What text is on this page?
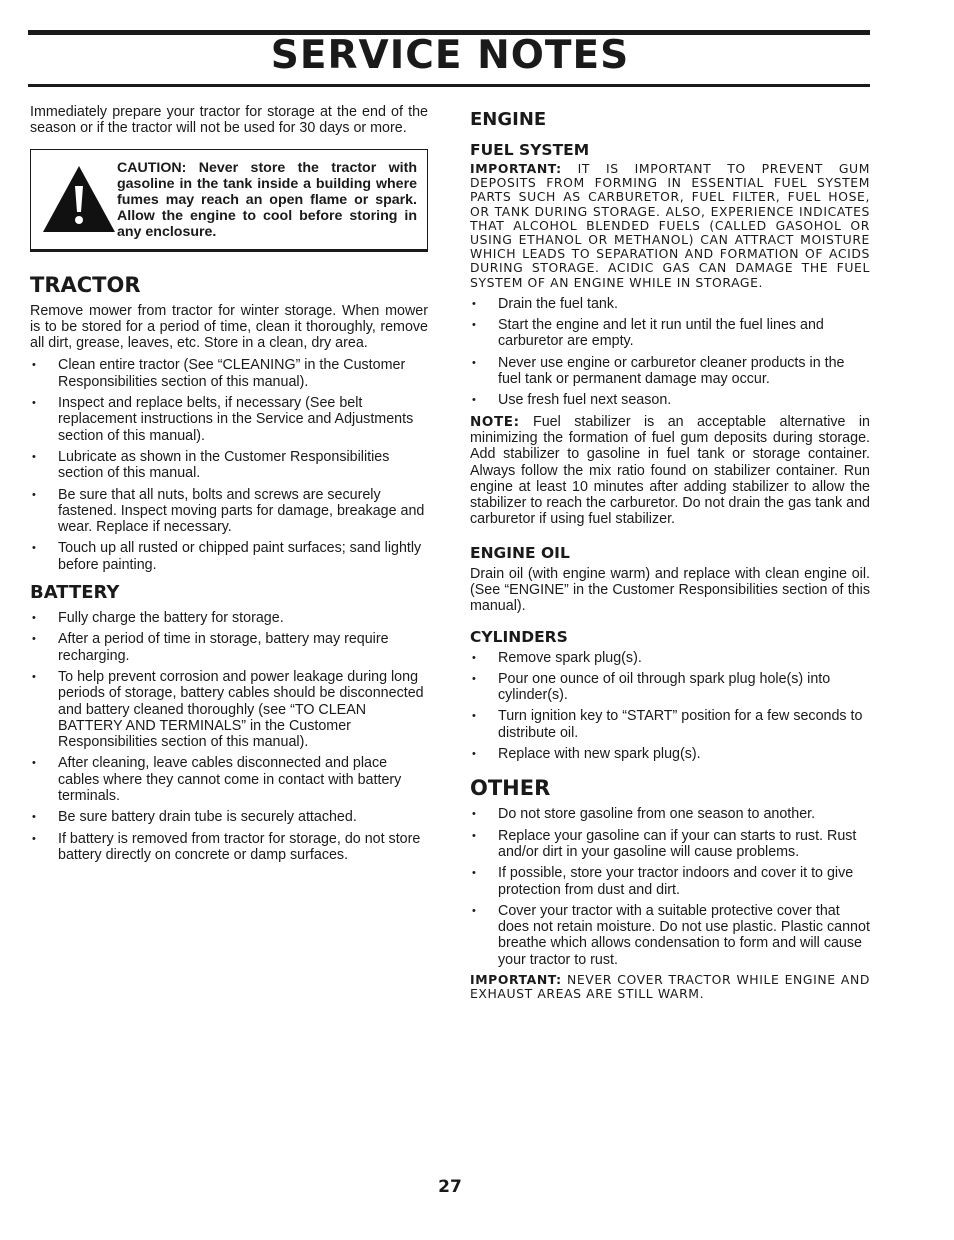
SERVICE NOTES

Immediately prepare your tractor for storage at the end of the season or if the tractor will not be used for 30 days or more.

CAUTION: Never store the tractor with gasoline in the tank inside a building where fumes may reach an open flame or spark. Allow the engine to cool before storing in any enclosure.

TRACTOR

Remove mower from tractor for winter storage. When mower is to be stored for a period of time, clean it thoroughly, remove all dirt, grease, leaves, etc. Store in a clean, dry area.

• Clean entire tractor (See “CLEANING” in the Customer Responsibilities section of this manual).
• Inspect and replace belts, if necessary (See belt replacement instructions in the Service and Adjustments section of this manual).
• Lubricate as shown in the Customer Responsibilities section of this manual.
• Be sure that all nuts, bolts and screws are securely fastened. Inspect moving parts for damage, breakage and wear. Replace if necessary.
• Touch up all rusted or chipped paint surfaces; sand lightly before painting.
BATTERY
• Fully charge the battery for storage.
• After a period of time in storage, battery may require recharging.
• To help prevent corrosion and power leakage during long periods of storage, battery cables should be disconnected and battery cleaned thoroughly (see “TO CLEAN BATTERY AND TERMINALS” in the Customer Responsibilities section of this manual).
• After cleaning, leave cables disconnected and place cables where they cannot come in contact with battery terminals.
• Be sure battery drain tube is securely attached.
• If battery is removed from tractor for storage, do not store battery directly on concrete or damp surfaces.
ENGINE
FUEL SYSTEM

IMPORTANT: IT IS IMPORTANT TO PREVENT GUM DEPOSITS FROM FORMING IN ESSENTIAL FUEL SYSTEM PARTS SUCH AS CARBURETOR, FUEL FILTER, FUEL HOSE, OR TANK DURING STORAGE. ALSO, EXPERIENCE INDICATES THAT ALCOHOL BLENDED FUELS (CALLED GASOHOL OR USING ETHANOL OR METHANOL) CAN ATTRACT MOISTURE WHICH LEADS TO SEPARATION AND FORMATION OF ACIDS DURING STORAGE. ACIDIC GAS CAN DAMAGE THE FUEL SYSTEM OF AN ENGINE WHILE IN STORAGE.

• Drain the fuel tank.
• Start the engine and let it run until the fuel lines and carburetor are empty.
• Never use engine or carburetor cleaner products in the fuel tank or permanent damage may occur.
• Use fresh fuel next season.

NOTE: Fuel stabilizer is an acceptable alternative in minimizing the formation of fuel gum deposits during storage. Add stabilizer to gasoline in fuel tank or storage container. Always follow the mix ratio found on stabilizer container. Run engine at least 10 minutes after adding stabilizer to allow the stabilizer to reach the carburetor. Do not drain the gas tank and carburetor if using fuel stabilizer.

ENGINE OIL

Drain oil (with engine warm) and replace with clean engine oil. (See “ENGINE” in the Customer Responsibilities section of this manual).

CYLINDERS
• Remove spark plug(s).
• Pour one ounce of oil through spark plug hole(s) into cylinder(s).
• Turn ignition key to “START” position for a few seconds to distribute oil.
• Replace with new spark plug(s).
OTHER
• Do not store gasoline from one season to another.
• Replace your gasoline can if your can starts to rust. Rust and/or dirt in your gasoline will cause problems.
• If possible, store your tractor indoors and cover it to give protection from dust and dirt.
• Cover your tractor with a suitable protective cover that does not retain moisture. Do not use plastic. Plastic cannot breathe which allows condensation to form and will cause your tractor to rust.

IMPORTANT: NEVER COVER TRACTOR WHILE ENGINE AND EXHAUST AREAS ARE STILL WARM.

27
